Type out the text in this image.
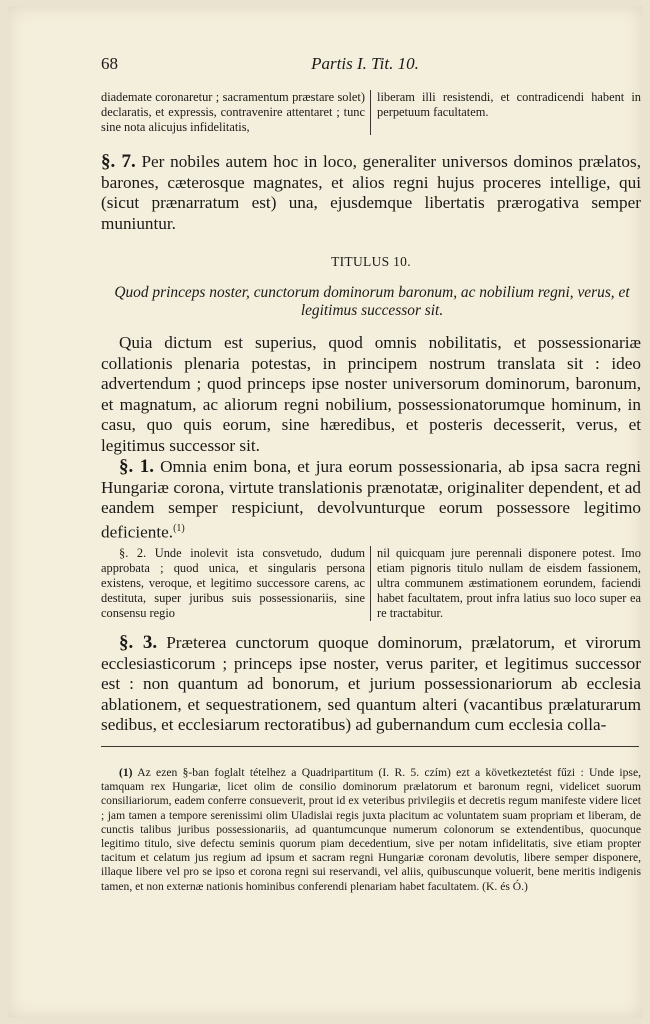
68	Partis I. Tit. 10.
diademate coronaretur ; sacramentum præstare solet) declaratis, et expressis, contravenire attentaret ; tunc sine nota alicujus infidelitatis,
liberam illi resistendi, et contradicendi habent in perpetuum facultatem.
§. 7. Per nobiles autem hoc in loco, generaliter universos dominos prælatos, barones, cæterosque magnates, et alios regni hujus proceres intellige, qui (sicut prænarratum est) una, ejusdemque libertatis prærogativa semper muniuntur.
TITULUS 10.
Quod princeps noster, cunctorum dominorum baronum, ac nobilium regni, verus, et legitimus successor sit.
Quia dictum est superius, quod omnis nobilitatis, et possessionariæ collationis plenaria potestas, in principem nostrum translata sit : ideo advertendum ; quod princeps ipse noster universorum dominorum, baronum, et magnatum, ac aliorum regni nobilium, possessionatorumque hominum, in casu, quo quis eorum, sine hæredibus, et posteris decesserit, verus, et legitimus successor sit.
§. 1. Omnia enim bona, et jura eorum possessionaria, ab ipsa sacra regni Hungariæ corona, virtute translationis prænotatæ, originaliter dependent, et ad eandem semper respiciunt, devolvunturque eorum possessore legitimo deficiente.$^{(1)}$
§. 2. Unde inolevit ista consvetudo, dudum approbata ; quod unica, et singularis persona existens, veroque, et legitimo successore carens, ac destituta, super juribus suis possessionariis, sine consensu regio
nil quicquam jure perennali disponere potest. Imo etiam pignoris titulo nullam de eisdem fassionem, ultra communem æstimationem eorundem, faciendi habet facultatem, prout infra latius suo loco super ea re tractabitur.
§. 3. Præterea cunctorum quoque dominorum, prælatorum, et virorum ecclesiasticorum ; princeps ipse noster, verus pariter, et legitimus successor est : non quantum ad bonorum, et jurium possessionariorum ab ecclesia ablationem, et sequestrationem, sed quantum alteri (vacantibus prælaturarum sedibus, et ecclesiarum rectoratibus) ad gubernandum cum ecclesia colla-
(1) Az ezen §-ban foglalt tételhez a Quadripartitum (I. R. 5. czím) ezt a következtetést fűzi : Unde ipse, tamquam rex Hungariæ, licet olim de consilio dominorum prælatorum et baronum regni, videlicet suorum consiliariorum, eadem conferre consueverit, prout id ex veteribus privilegiis et decretis regum manifeste videre licet ; jam tamen a tempore serenissimi olim Uladislai regis juxta placitum ac voluntatem suam propriam et liberam, de cunctis talibus juribus possessionariis, ad quantumcunque numerum colonorum se extendentibus, quocunque legitimo titulo, sive defectu seminis quorum piam decedentium, sive per notam infidelitatis, sive etiam propter tacitum et celatum jus regium ad ipsum et sacram regni Hungariæ coronam devolutis, libere semper disponere, illaque libere vel pro se ipso et corona regni sui reservandi, vel aliis, quibuscunque voluerit, bene meritis indigenis tamen, et non externæ nationis hominibus conferendi plenariam habet facultatem. (K. és Ó.)
